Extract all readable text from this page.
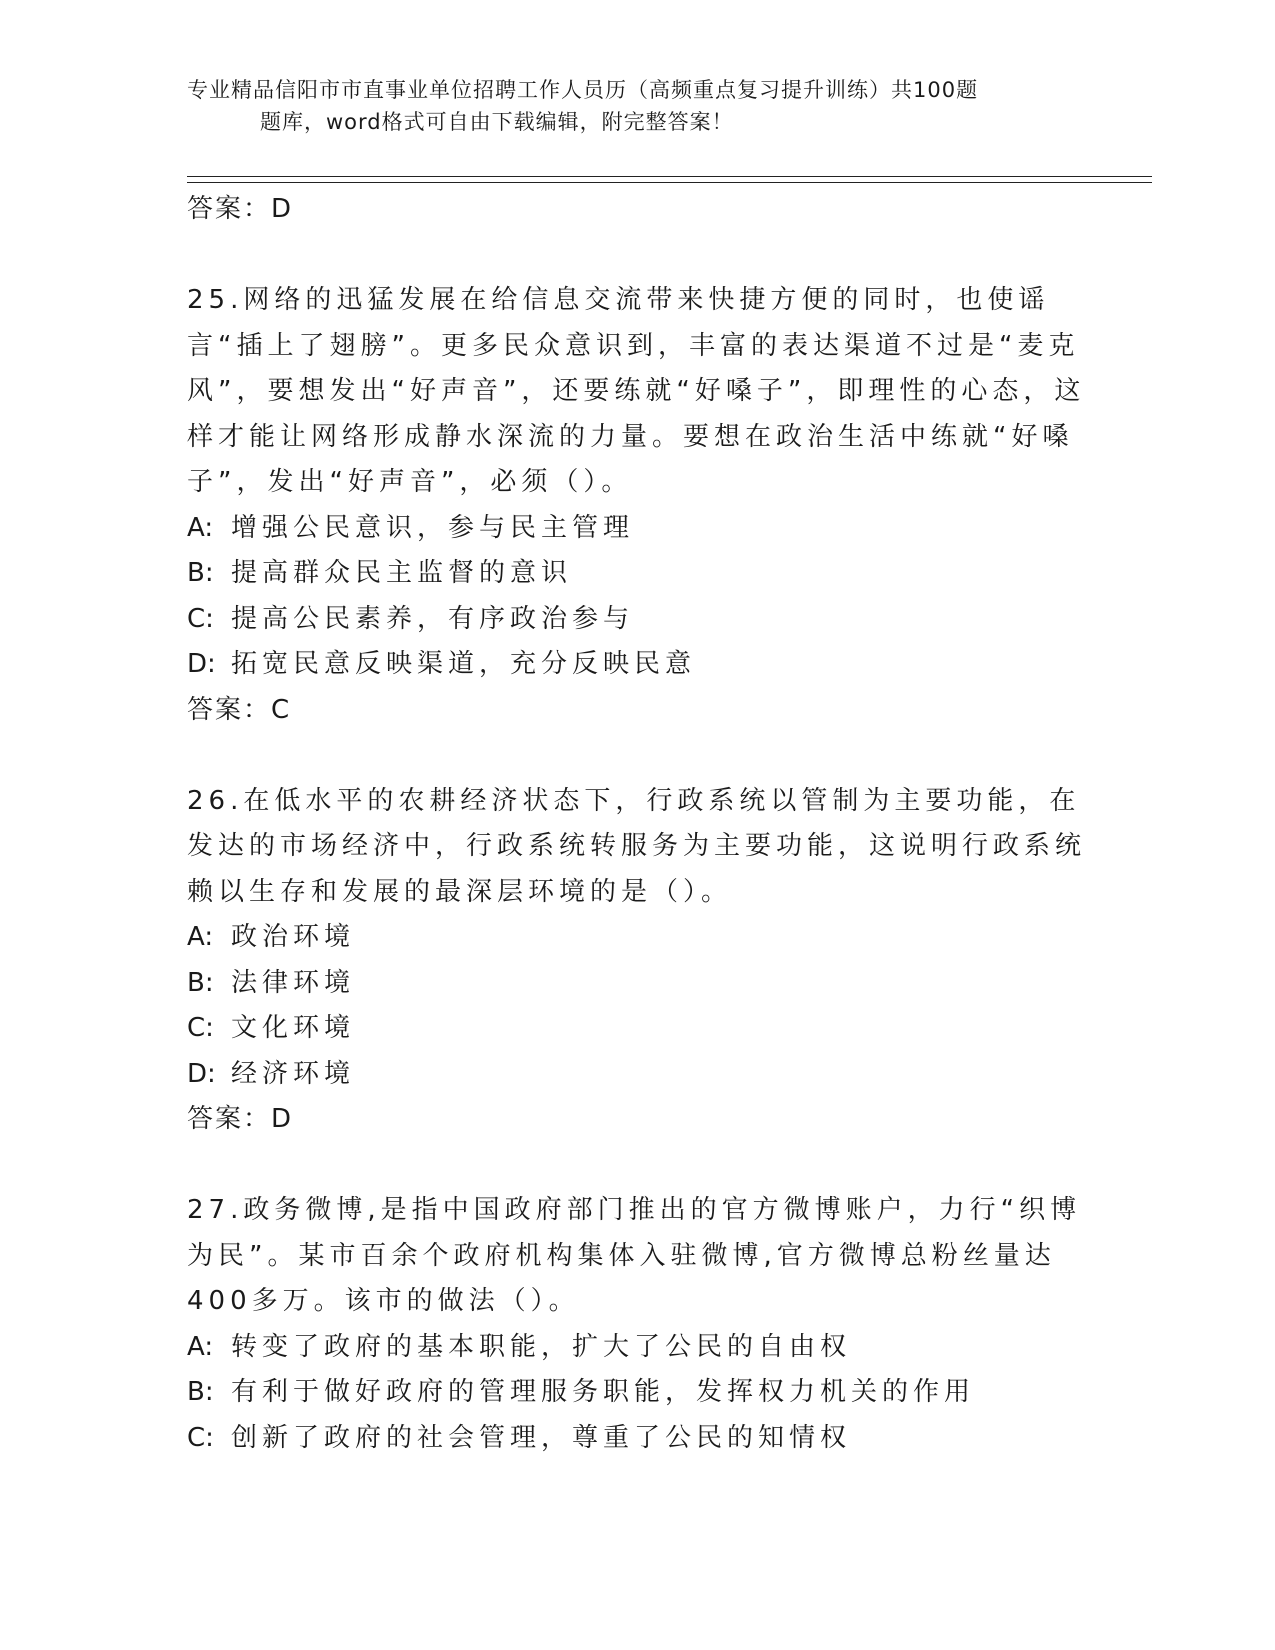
专业精品信阳市市直事业单位招聘工作人员历（高频重点复习提升训练）共100题
题库，word格式可自由下载编辑，附完整答案！
答案：D
25.网络的迅猛发展在给信息交流带来快捷方便的同时，也使谣言“插上了翅膀”。更多民众意识到，丰富的表达渠道不过是“麦克风”，要想发出“好声音”，还要练就“好嗓子”，即理性的心态，这样才能让网络形成静水深流的力量。要想在政治生活中练就“好嗓子”，发出“好声音”，必须（）。
A: 增强公民意识，参与民主管理
B: 提高群众民主监督的意识
C: 提高公民素养，有序政治参与
D: 拓宽民意反映渠道，充分反映民意
答案：C
26.在低水平的农耕经济状态下，行政系统以管制为主要功能，在发达的市场经济中，行政系统转服务为主要功能，这说明行政系统赖以生存和发展的最深层环境的是（）。
A: 政治环境
B: 法律环境
C: 文化环境
D: 经济环境
答案：D
27.政务微博,是指中国政府部门推出的官方微博账户，力行“织博为民”。某市百余个政府机构集体入驻微博,官方微博总粉丝量达400多万。该市的做法（）。
A: 转变了政府的基本职能，扩大了公民的自由权
B: 有利于做好政府的管理服务职能，发挥权力机关的作用
C: 创新了政府的社会管理，尊重了公民的知情权
